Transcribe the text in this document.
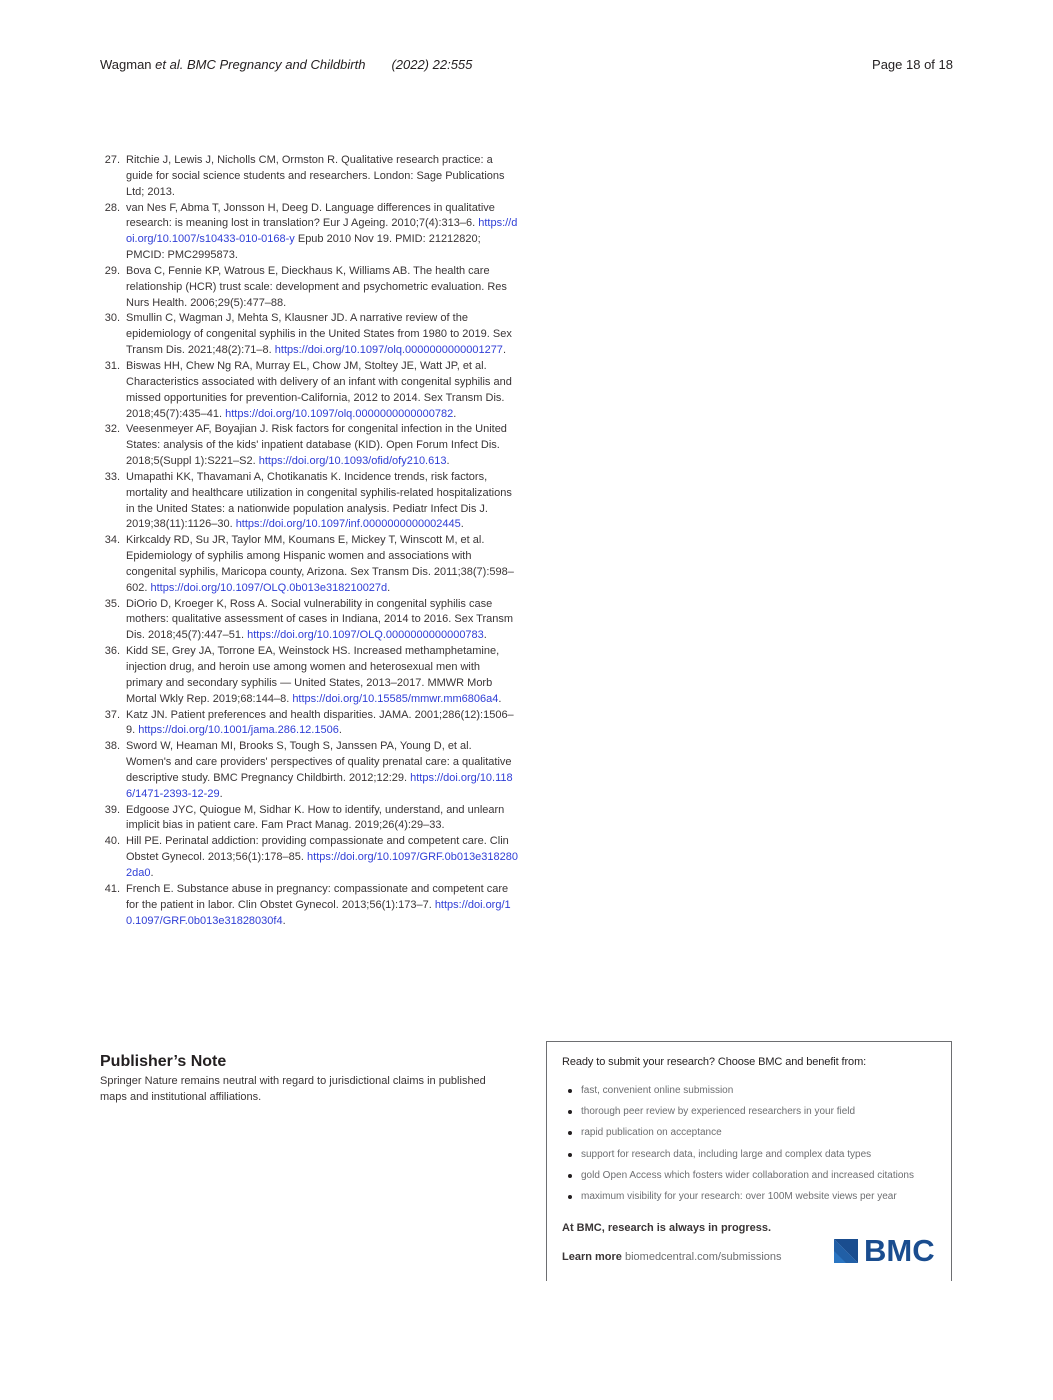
Wagman et al. BMC Pregnancy and Childbirth (2022) 22:555	Page 18 of 18
27. Ritchie J, Lewis J, Nicholls CM, Ormston R. Qualitative research practice: a guide for social science students and researchers. London: Sage Publications Ltd; 2013.
28. van Nes F, Abma T, Jonsson H, Deeg D. Language differences in qualitative research: is meaning lost in translation? Eur J Ageing. 2010;7(4):313–6. https://doi.org/10.1007/s10433-010-0168-y Epub 2010 Nov 19. PMID: 21212820; PMCID: PMC2995873.
29. Bova C, Fennie KP, Watrous E, Dieckhaus K, Williams AB. The health care relationship (HCR) trust scale: development and psychometric evaluation. Res Nurs Health. 2006;29(5):477–88.
30. Smullin C, Wagman J, Mehta S, Klausner JD. A narrative review of the epidemiology of congenital syphilis in the United States from 1980 to 2019. Sex Transm Dis. 2021;48(2):71–8. https://doi.org/10.1097/olq.0000000000001277.
31. Biswas HH, Chew Ng RA, Murray EL, Chow JM, Stoltey JE, Watt JP, et al. Characteristics associated with delivery of an infant with congenital syphilis and missed opportunities for prevention-California, 2012 to 2014. Sex Transm Dis. 2018;45(7):435–41. https://doi.org/10.1097/olq.0000000000000782.
32. Veesenmeyer AF, Boyajian J. Risk factors for congenital infection in the United States: analysis of the kids' inpatient database (KID). Open Forum Infect Dis. 2018;5(Suppl 1):S221–S2. https://doi.org/10.1093/ofid/ofy210.613.
33. Umapathi KK, Thavamani A, Chotikanatis K. Incidence trends, risk factors, mortality and healthcare utilization in congenital syphilis-related hospitalizations in the United States: a nationwide population analysis. Pediatr Infect Dis J. 2019;38(11):1126–30. https://doi.org/10.1097/inf.0000000000002445.
34. Kirkcaldy RD, Su JR, Taylor MM, Koumans E, Mickey T, Winscott M, et al. Epidemiology of syphilis among Hispanic women and associations with congenital syphilis, Maricopa county, Arizona. Sex Transm Dis. 2011;38(7):598–602. https://doi.org/10.1097/OLQ.0b013e318210027d.
35. DiOrio D, Kroeger K, Ross A. Social vulnerability in congenital syphilis case mothers: qualitative assessment of cases in Indiana, 2014 to 2016. Sex Transm Dis. 2018;45(7):447–51. https://doi.org/10.1097/OLQ.0000000000000783.
36. Kidd SE, Grey JA, Torrone EA, Weinstock HS. Increased methamphetamine, injection drug, and heroin use among women and heterosexual men with primary and secondary syphilis — United States, 2013–2017. MMWR Morb Mortal Wkly Rep. 2019;68:144–8. https://doi.org/10.15585/mmwr.mm6806a4.
37. Katz JN. Patient preferences and health disparities. JAMA. 2001;286(12):1506–9. https://doi.org/10.1001/jama.286.12.1506.
38. Sword W, Heaman MI, Brooks S, Tough S, Janssen PA, Young D, et al. Women's and care providers' perspectives of quality prenatal care: a qualitative descriptive study. BMC Pregnancy Childbirth. 2012;12:29. https://doi.org/10.1186/1471-2393-12-29.
39. Edgoose JYC, Quiogue M, Sidhar K. How to identify, understand, and unlearn implicit bias in patient care. Fam Pract Manag. 2019;26(4):29–33.
40. Hill PE. Perinatal addiction: providing compassionate and competent care. Clin Obstet Gynecol. 2013;56(1):178–85. https://doi.org/10.1097/GRF.0b013e3182802da0.
41. French E. Substance abuse in pregnancy: compassionate and competent care for the patient in labor. Clin Obstet Gynecol. 2013;56(1):173–7. https://doi.org/10.1097/GRF.0b013e31828030f4.
Publisher’s Note

Springer Nature remains neutral with regard to jurisdictional claims in published maps and institutional affiliations.

Ready to submit your research? Choose BMC and benefit from:
fast, convenient online submission
thorough peer review by experienced researchers in your field
rapid publication on acceptance
support for research data, including large and complex data types
gold Open Access which fosters wider collaboration and increased citations
maximum visibility for your research: over 100M website views per year
At BMC, research is always in progress.
Learn more biomedcentral.com/submissions	BMC
